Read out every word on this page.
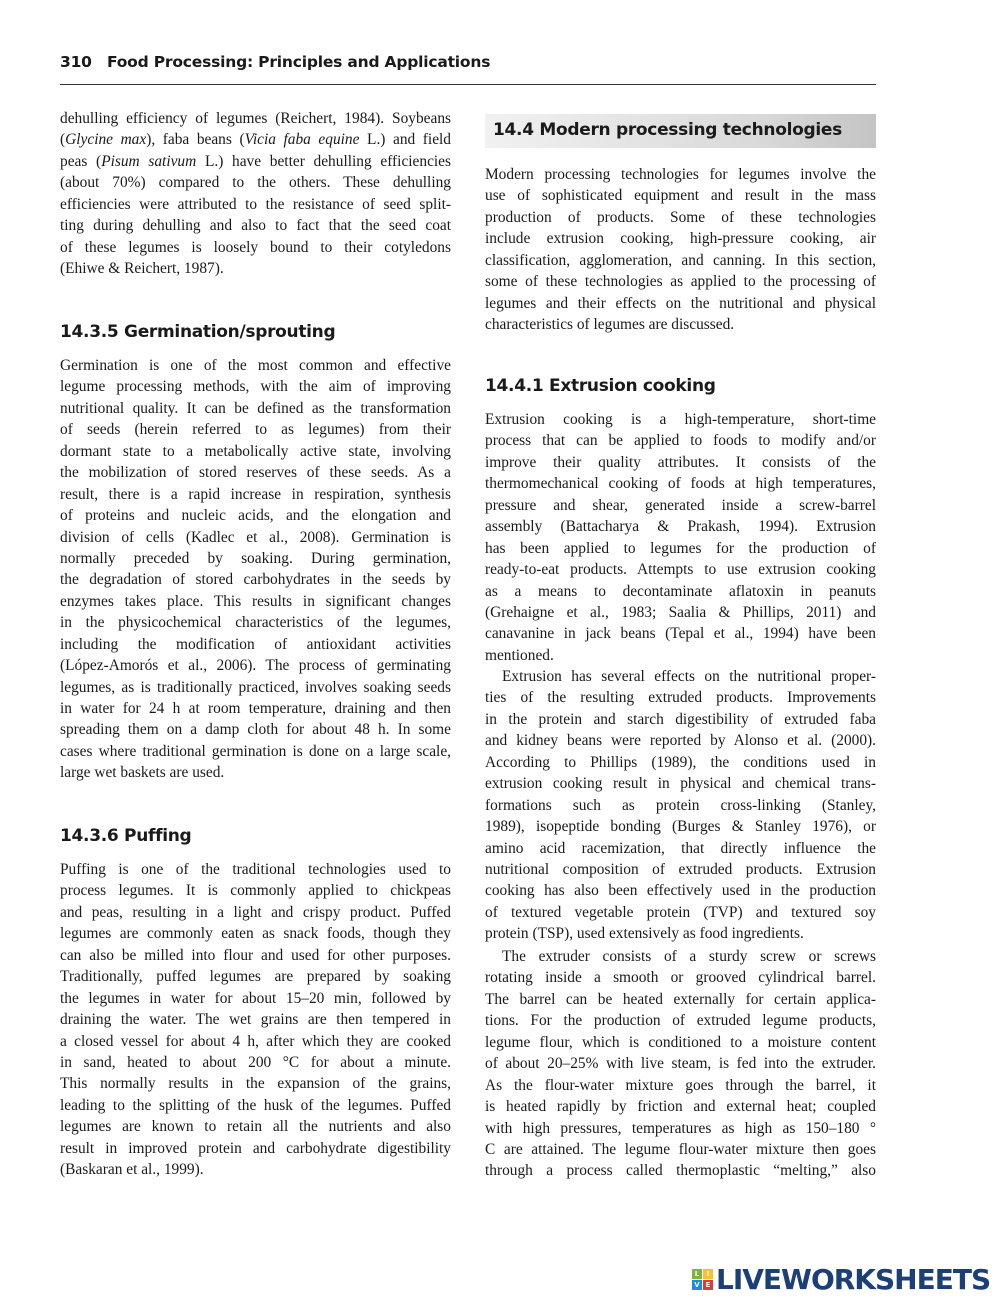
310 Food Processing: Principles and Applications
dehulling efficiency of legumes (Reichert, 1984). Soybeans
(Glycine max), faba beans (Vicia faba equine L.) and field
peas (Pisum sativum L.) have better dehulling efficiencies
(about 70%) compared to the others. These dehulling
efficiencies were attributed to the resistance of seed split-
ting during dehulling and also to fact that the seed coat
of these legumes is loosely bound to their cotyledons
(Ehiwe & Reichert, 1987).
14.3.5 Germination/sprouting
Germination is one of the most common and effective
legume processing methods, with the aim of improving
nutritional quality. It can be defined as the transformation
of seeds (herein referred to as legumes) from their
dormant state to a metabolically active state, involving
the mobilization of stored reserves of these seeds. As a
result, there is a rapid increase in respiration, synthesis
of proteins and nucleic acids, and the elongation and
division of cells (Kadlec et al., 2008). Germination is
normally preceded by soaking. During germination,
the degradation of stored carbohydrates in the seeds by
enzymes takes place. This results in significant changes
in the physicochemical characteristics of the legumes,
including the modification of antioxidant activities
(López-Amorós et al., 2006). The process of germinating
legumes, as is traditionally practiced, involves soaking seeds
in water for 24 h at room temperature, draining and then
spreading them on a damp cloth for about 48 h. In some
cases where traditional germination is done on a large scale,
large wet baskets are used.
14.3.6 Puffing
Puffing is one of the traditional technologies used to
process legumes. It is commonly applied to chickpeas
and peas, resulting in a light and crispy product. Puffed
legumes are commonly eaten as snack foods, though they
can also be milled into flour and used for other purposes.
Traditionally, puffed legumes are prepared by soaking
the legumes in water for about 15–20 min, followed by
draining the water. The wet grains are then tempered in
a closed vessel for about 4 h, after which they are cooked
in sand, heated to about 200 °C for about a minute.
This normally results in the expansion of the grains,
leading to the splitting of the husk of the legumes. Puffed
legumes are known to retain all the nutrients and also
result in improved protein and carbohydrate digestibility
(Baskaran et al., 1999).
14.4 Modern processing technologies
Modern processing technologies for legumes involve the
use of sophisticated equipment and result in the mass
production of products. Some of these technologies
include extrusion cooking, high-pressure cooking, air
classification, agglomeration, and canning. In this section,
some of these technologies as applied to the processing of
legumes and their effects on the nutritional and physical
characteristics of legumes are discussed.
14.4.1 Extrusion cooking
Extrusion cooking is a high-temperature, short-time
process that can be applied to foods to modify and/or
improve their quality attributes. It consists of the
thermomechanical cooking of foods at high temperatures,
pressure and shear, generated inside a screw-barrel
assembly (Battacharya & Prakash, 1994). Extrusion
has been applied to legumes for the production of
ready-to-eat products. Attempts to use extrusion cooking
as a means to decontaminate aflatoxin in peanuts
(Grehaigne et al., 1983; Saalia & Phillips, 2011) and
canavanine in jack beans (Tepal et al., 1994) have been
mentioned.
Extrusion has several effects on the nutritional proper-
ties of the resulting extruded products. Improvements
in the protein and starch digestibility of extruded faba
and kidney beans were reported by Alonso et al. (2000).
According to Phillips (1989), the conditions used in
extrusion cooking result in physical and chemical trans-
formations such as protein cross-linking (Stanley,
1989), isopeptide bonding (Burges & Stanley 1976), or
amino acid racemization, that directly influence the
nutritional composition of extruded products. Extrusion
cooking has also been effectively used in the production
of textured vegetable protein (TVP) and textured soy
protein (TSP), used extensively as food ingredients.
The extruder consists of a sturdy screw or screws
rotating inside a smooth or grooved cylindrical barrel.
The barrel can be heated externally for certain applica-
tions. For the production of extruded legume products,
legume flour, which is conditioned to a moisture content
of about 20–25% with live steam, is fed into the extruder.
As the flour-water mixture goes through the barrel, it
is heated rapidly by friction and external heat; coupled
with high pressures, temperatures as high as 150–180 °
C are attained. The legume flour-water mixture then goes
through a process called thermoplastic “melting,” also
L	I
V E LIVEWORKSHEETS
